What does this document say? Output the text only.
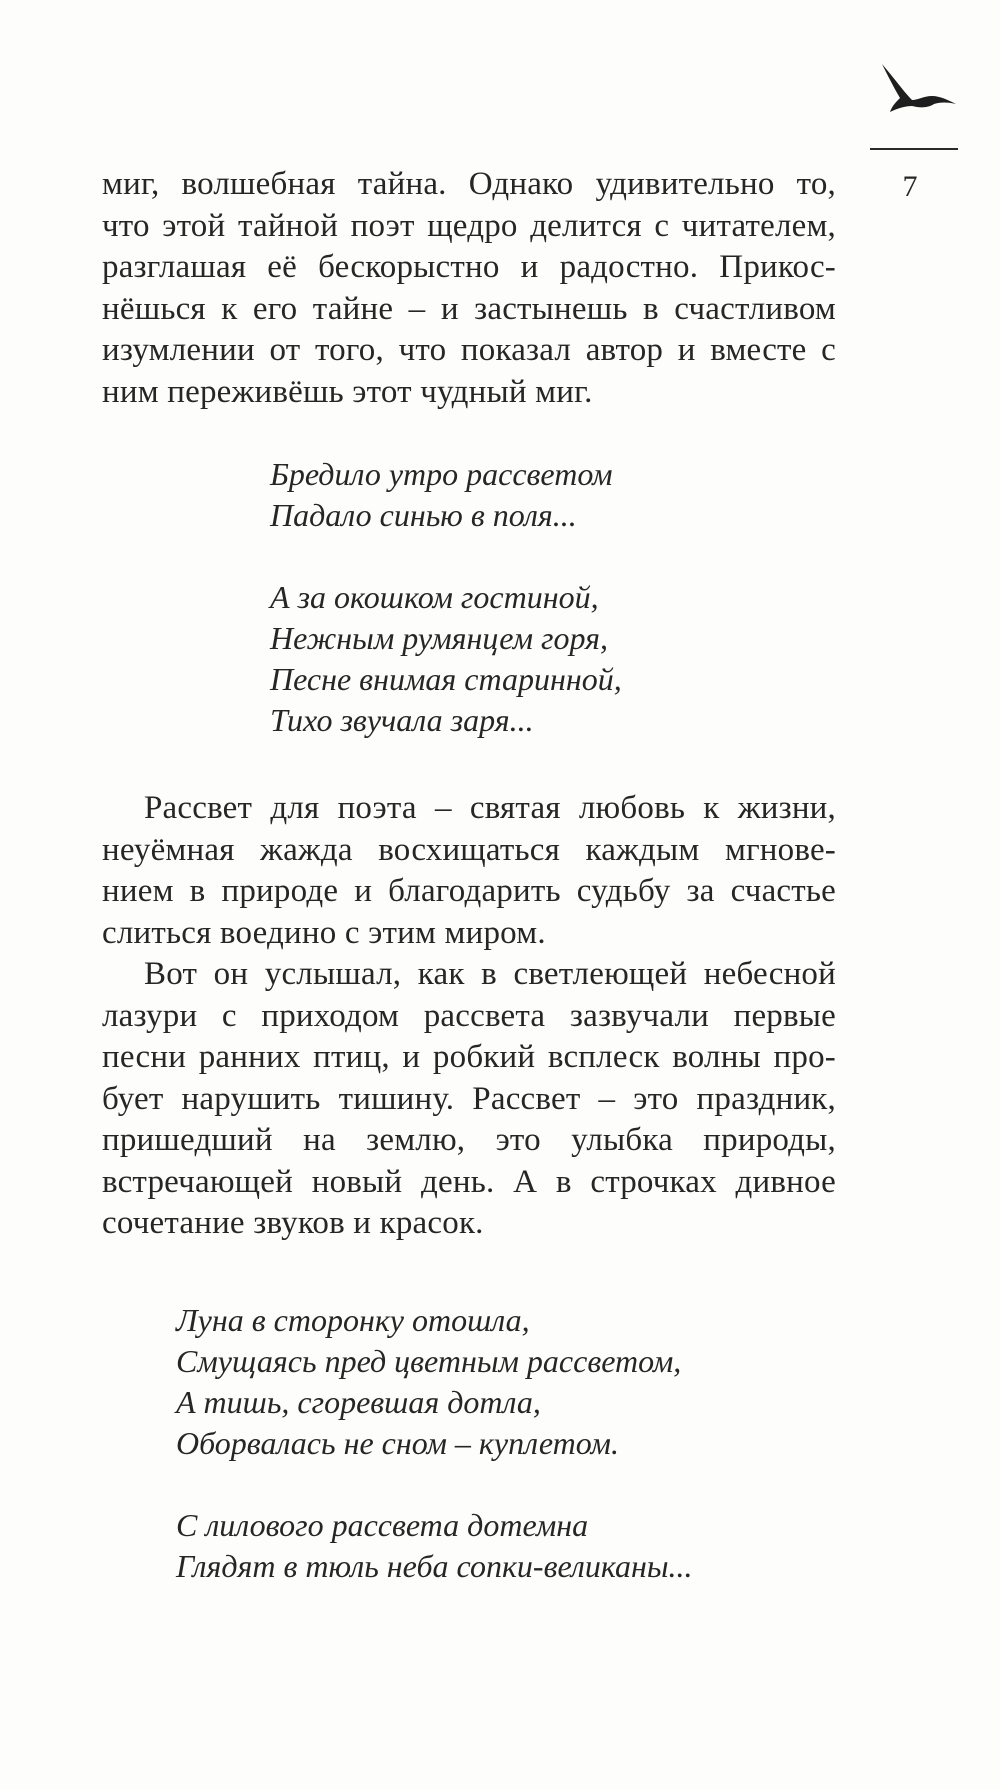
7
миг, волшебная тайна. Однако удивительно то,
что этой тайной поэт щедро делится с читателем,
разглашая её бескорыстно и радостно. Прикос-
нёшься к его тайне – и застынешь в счастливом
изумлении от того, что показал автор и вместе с
ним переживёшь этот чудный миг.
Бредило утро рассветом
Падало синью в поля...
А за окошком гостиной,
Нежным румянцем горя,
Песне внимая старинной,
Тихо звучала заря...
Рассвет для поэта – святая любовь к жизни,
неуёмная жажда восхищаться каждым мгнове-
нием в природе и благодарить судьбу за счастье
слиться воедино с этим миром.
Вот он услышал, как в светлеющей небесной
лазури с приходом рассвета зазвучали первые
песни ранних птиц, и робкий всплеск волны про-
бует нарушить тишину. Рассвет – это праздник,
пришедший на землю, это улыбка природы,
встречающей новый день. А в строчках дивное
сочетание звуков и красок.
Луна в сторонку отошла,
Смущаясь пред цветным рассветом,
А тишь, сгоревшая дотла,
Оборвалась не сном – куплетом.
С лилового рассвета дотемна
Глядят в тюль неба сопки-великаны...
